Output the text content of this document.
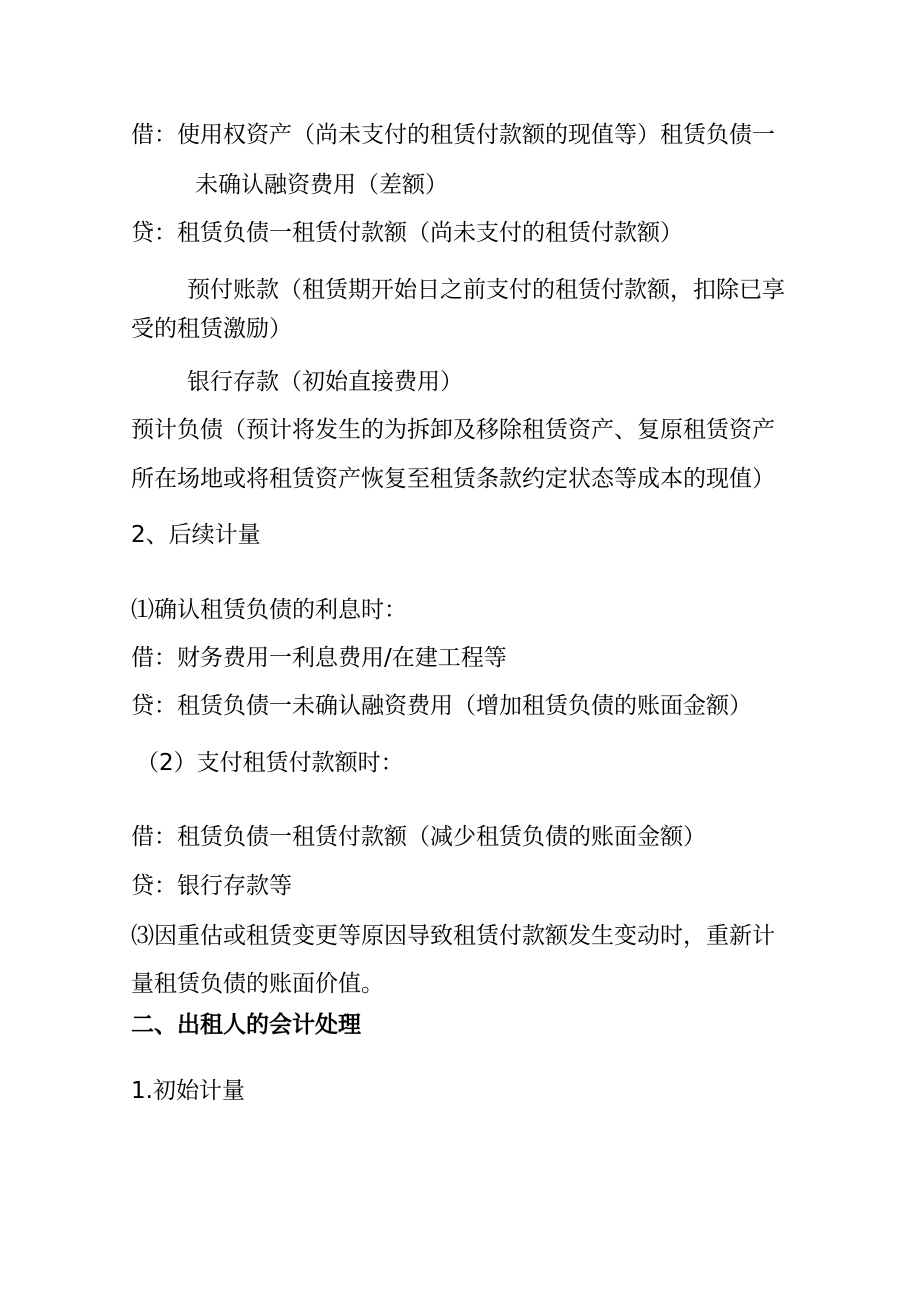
借：使用权资产（尚未支付的租赁付款额的现值等）租赁负债一
未确认融资费用（差额）
贷：租赁负债一租赁付款额（尚未支付的租赁付款额）
预付账款（租赁期开始日之前支付的租赁付款额，扣除已享
受的租赁激励）
银行存款（初始直接费用）
预计负债（预计将发生的为拆卸及移除租赁资产、复原租赁资产
所在场地或将租赁资产恢复至租赁条款约定状态等成本的现值）
2、后续计量
⑴确认租赁负债的利息时：
借：财务费用一利息费用/在建工程等
贷：租赁负债一未确认融资费用（增加租赁负债的账面金额）
（2）支付租赁付款额时：
借：租赁负债一租赁付款额（减少租赁负债的账面金额）
贷：银行存款等
⑶因重估或租赁变更等原因导致租赁付款额发生变动时，重新计
量租赁负债的账面价值。
二、出租人的会计处理
1.初始计量
